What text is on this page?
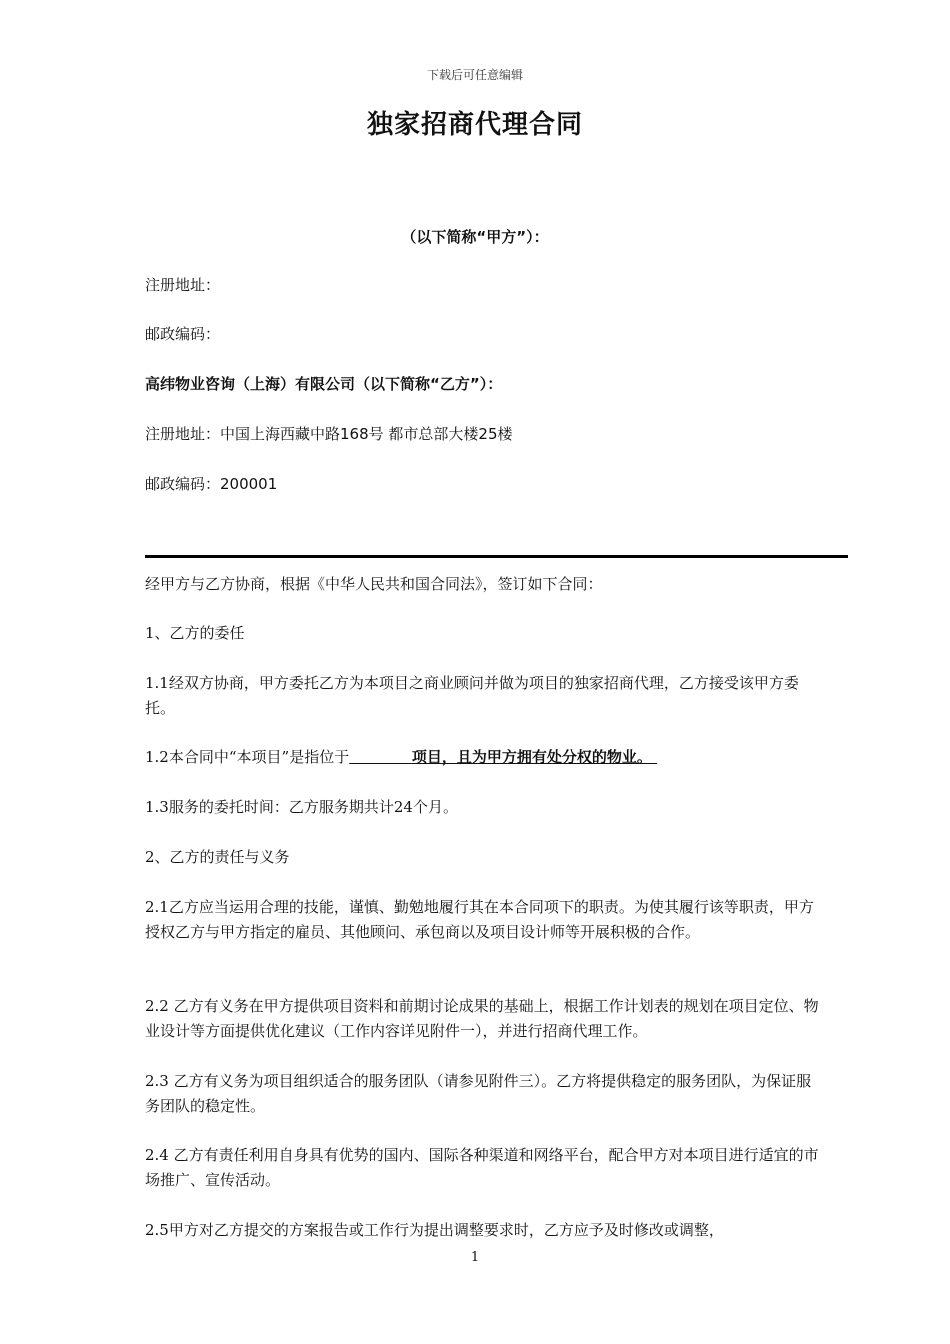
下载后可任意编辑
独家招商代理合同
（以下简称“甲方”）：
注册地址：
邮政编码：
高纬物业咨询（上海）有限公司（以下简称“乙方”）：
注册地址：中国上海西藏中路168号 都市总部大楼25楼
邮政编码：200001
经甲方与乙方协商，根据《中华人民共和国合同法》，签订如下合同：
1、乙方的委任
1.1经双方协商，甲方委托乙方为本项目之商业顾问并做为项目的独家招商代理，乙方接受该甲方委托。
1.2本合同中“本项目”是指位于	项目，且为甲方拥有处分权的物业。
1.3服务的委托时间：乙方服务期共计24个月。
2、乙方的责任与义务
2.1乙方应当运用合理的技能，谨慎、勤勉地履行其在本合同项下的职责。为使其履行该等职责，甲方授权乙方与甲方指定的雇员、其他顾问、承包商以及项目设计师等开展积极的合作。
2.2 乙方有义务在甲方提供项目资料和前期讨论成果的基础上，根据工作计划表的规划在项目定位、物业设计等方面提供优化建议（工作内容详见附件一），并进行招商代理工作。
2.3 乙方有义务为项目组织适合的服务团队（请参见附件三）。乙方将提供稳定的服务团队，为保证服务团队的稳定性。
2.4 乙方有责任利用自身具有优势的国内、国际各种渠道和网络平台，配合甲方对本项目进行适宜的市场推广、宣传活动。
2.5甲方对乙方提交的方案报告或工作行为提出调整要求时，乙方应予及时修改或调整，
1
